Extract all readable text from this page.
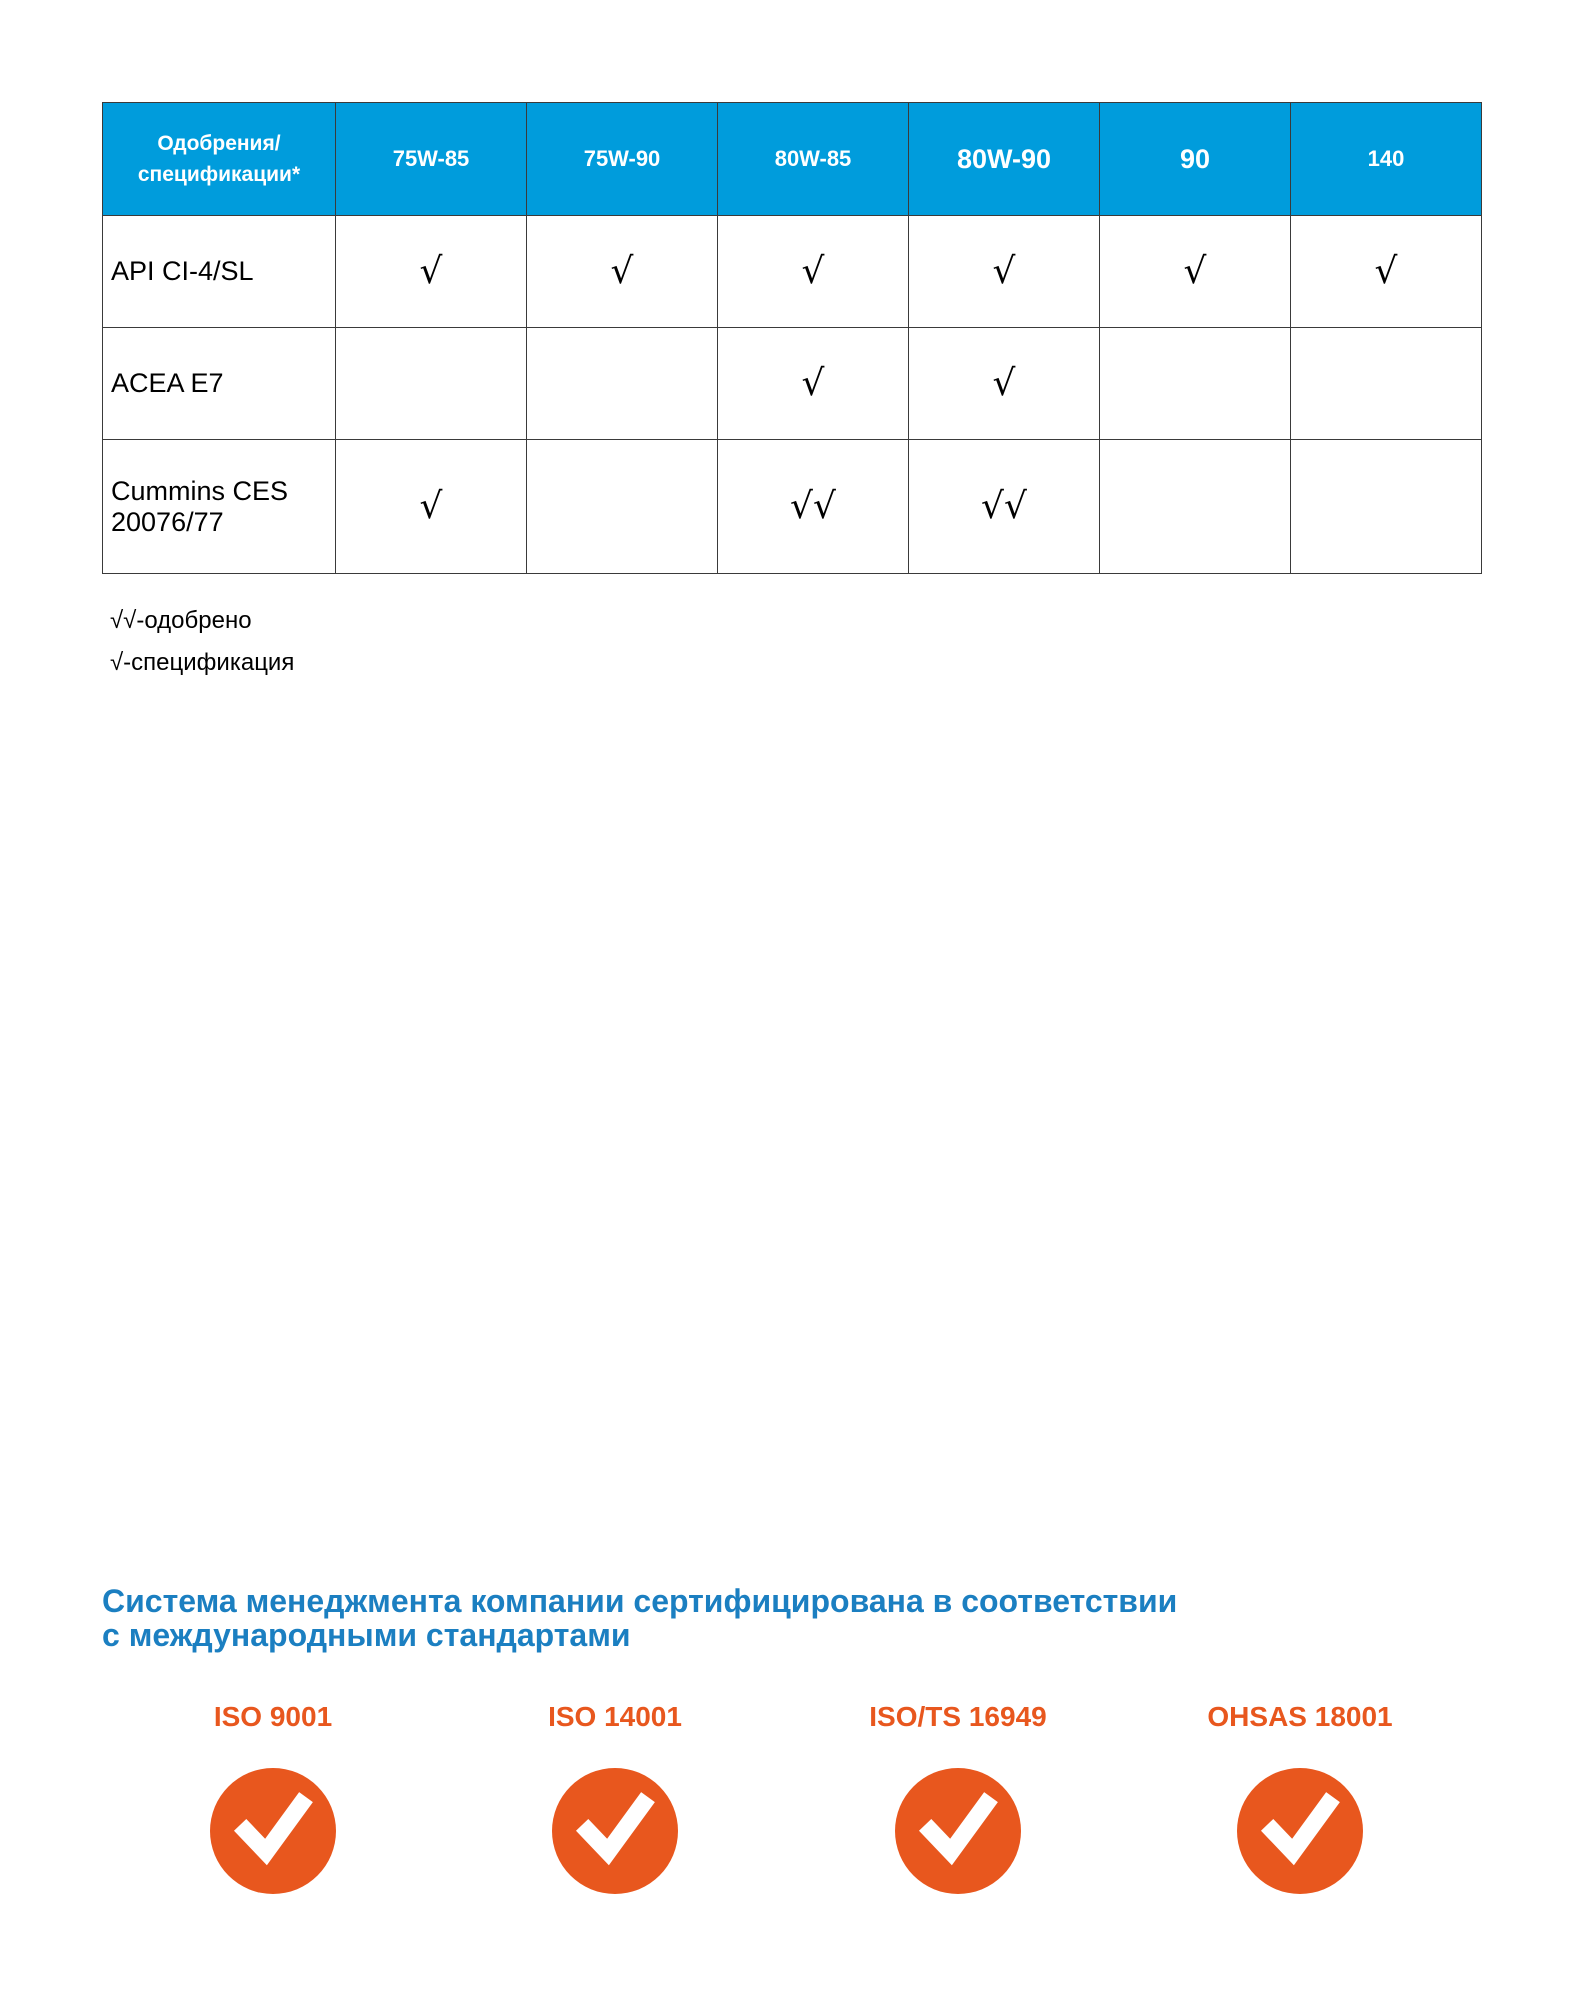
Одобрения/
спецификации*	75W-85	75W-90	80W-85	80W-90	90	140
API CI-4/SL	√	√	√	√	√	√
ACEA E7			√	√		
Cummins CES
20076/77	√		√√	√√		
√√-одобрено
√-спецификация
Система менеджмента компании сертифицирована в соответствии
с международными стандартами
ISO 9001	ISO 14001	ISO/TS 16949	OHSAS 18001
